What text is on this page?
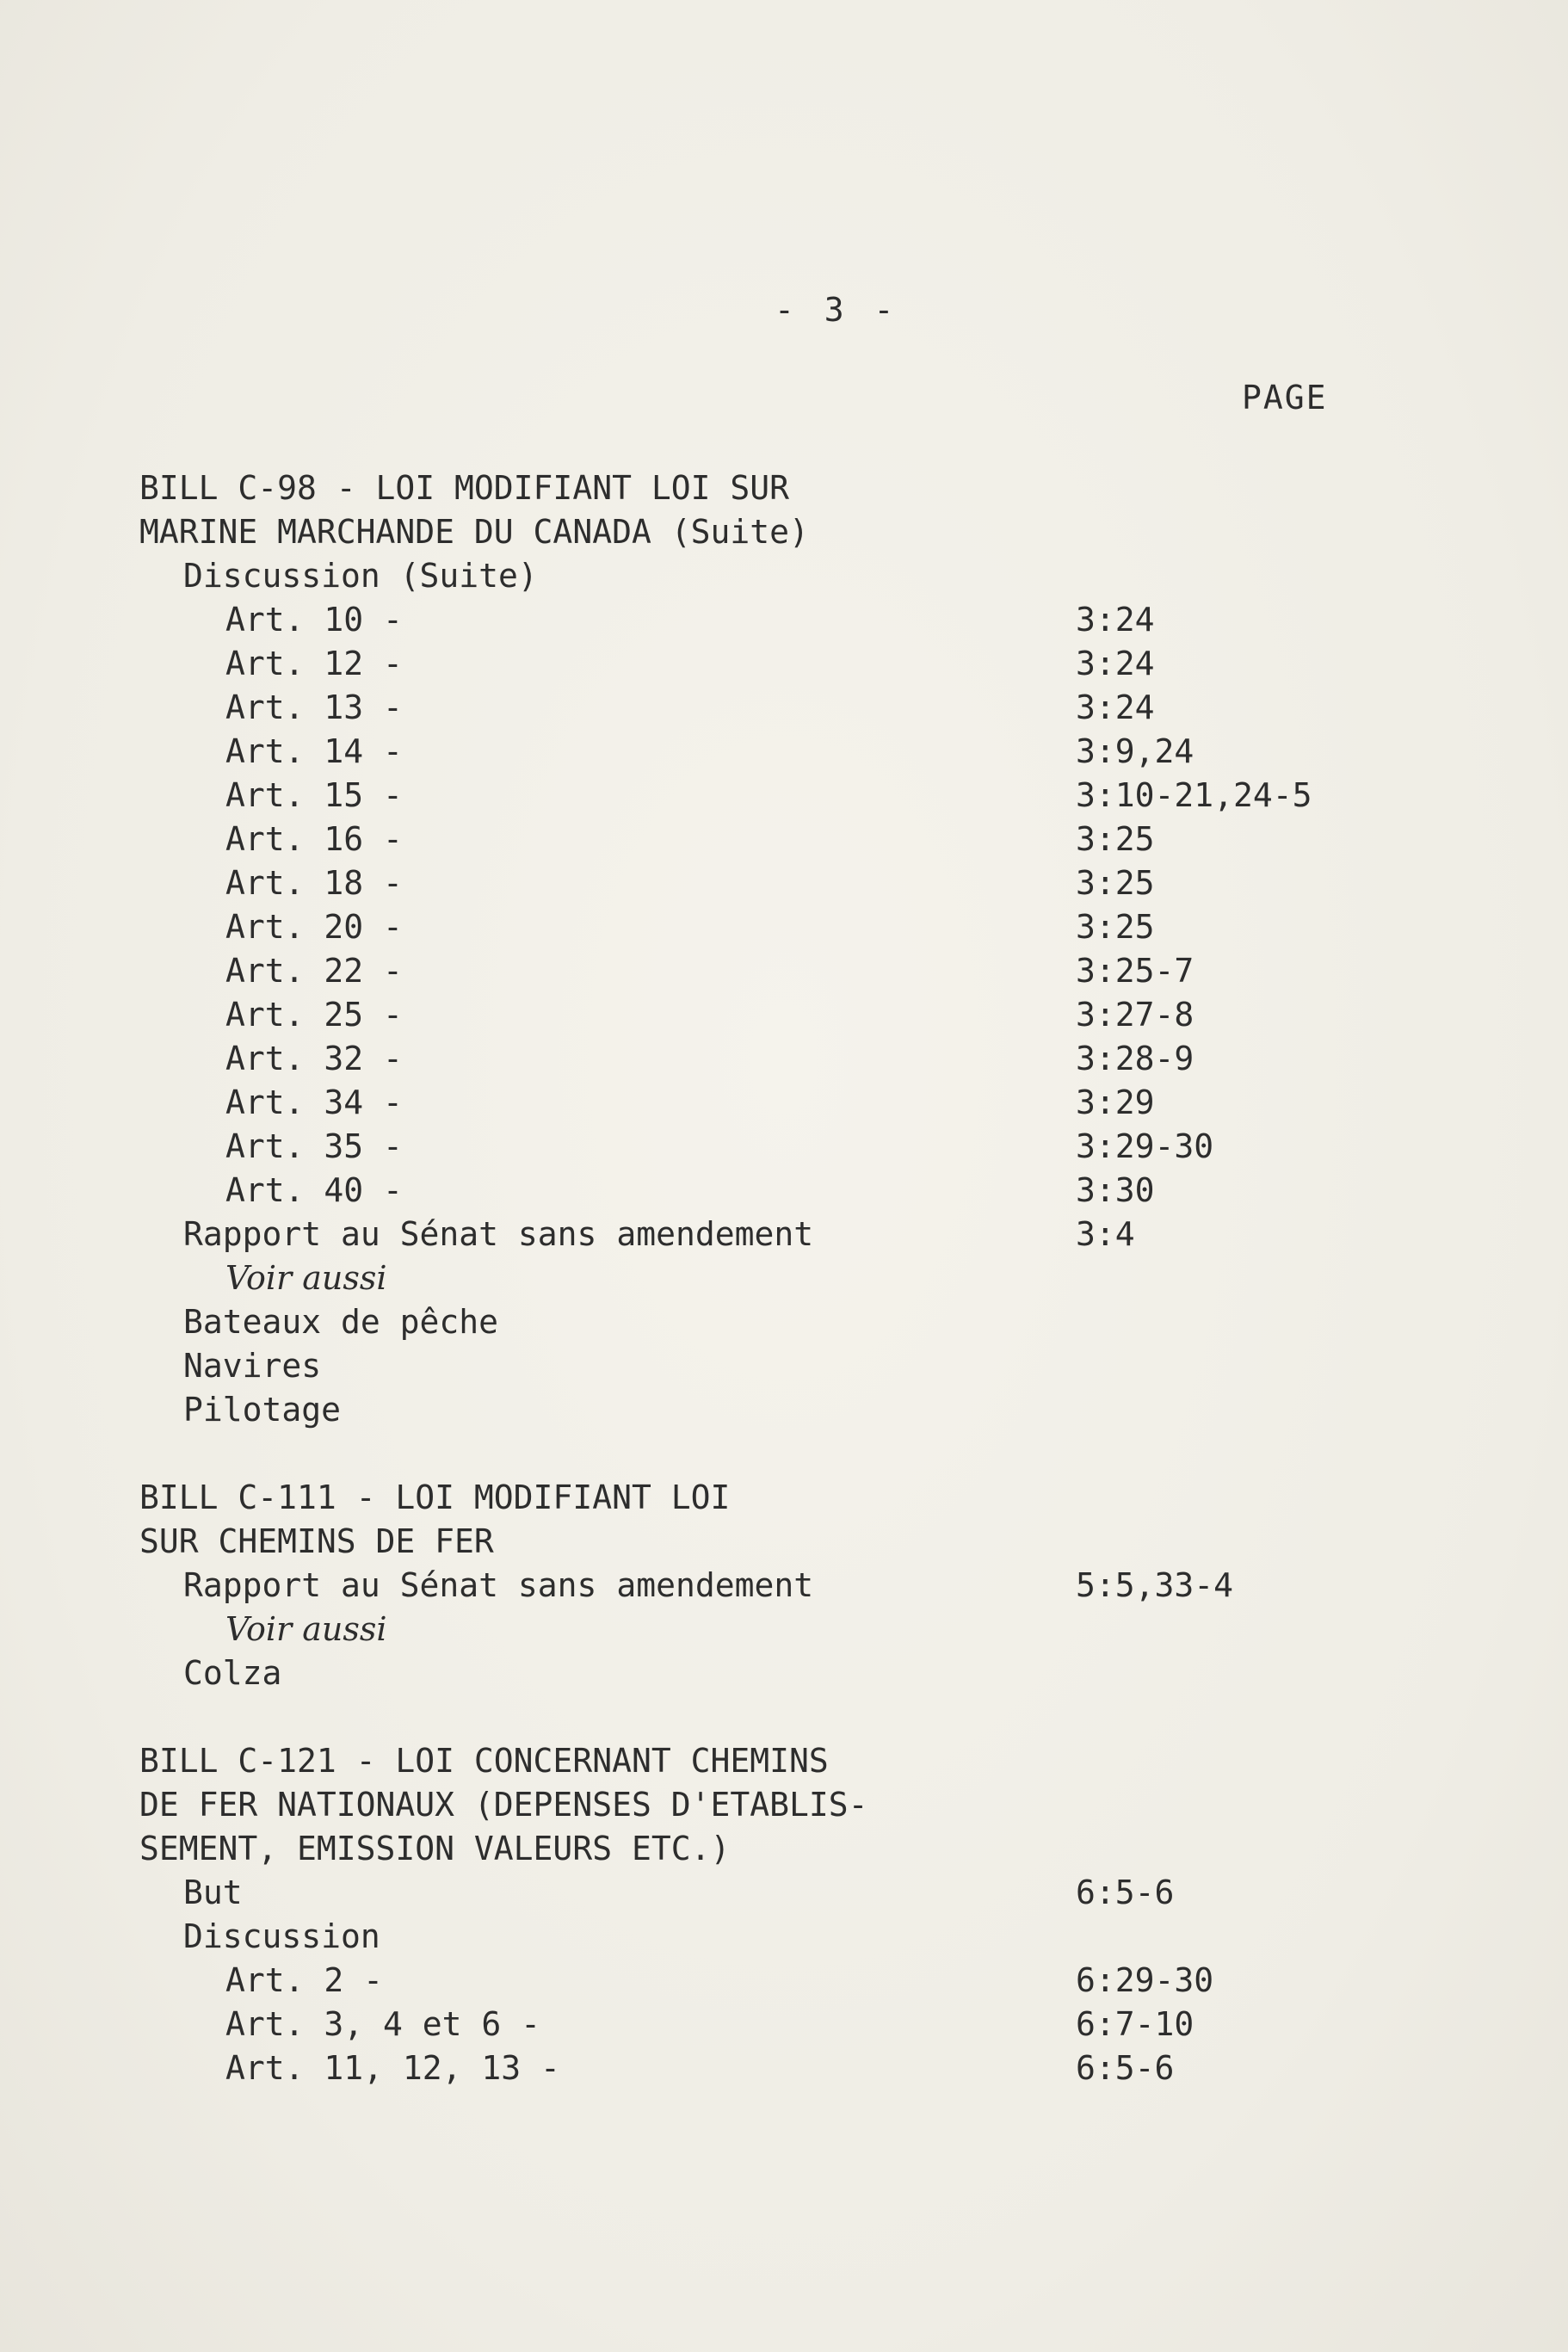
- 3 -
PAGE
BILL C-98 - LOI MODIFIANT LOI SUR
MARINE MARCHANDE DU CANADA (Suite)
Discussion (Suite)
Art. 10 -	3:24
Art. 12 -	3:24
Art. 13 -	3:24
Art. 14 -	3:9,24
Art. 15 -	3:10-21,24-5
Art. 16 -	3:25
Art. 18 -	3:25
Art. 20 -	3:25
Art. 22 -	3:25-7
Art. 25 -	3:27-8
Art. 32 -	3:28-9
Art. 34 -	3:29
Art. 35 -	3:29-30
Art. 40 -	3:30
Rapport au Sénat sans amendement	3:4
Voir aussi
Bateaux de pêche
Navires
Pilotage
BILL C-111 - LOI MODIFIANT LOI
SUR CHEMINS DE FER
Rapport au Sénat sans amendement	5:5,33-4
Voir aussi
Colza
BILL C-121 - LOI CONCERNANT CHEMINS
DE FER NATIONAUX (DEPENSES D'ETABLIS-
SEMENT, EMISSION VALEURS ETC.)
But	6:5-6
Discussion
Art. 2 -	6:29-30
Art. 3, 4 et 6 -	6:7-10
Art. 11, 12, 13 -	6:5-6
